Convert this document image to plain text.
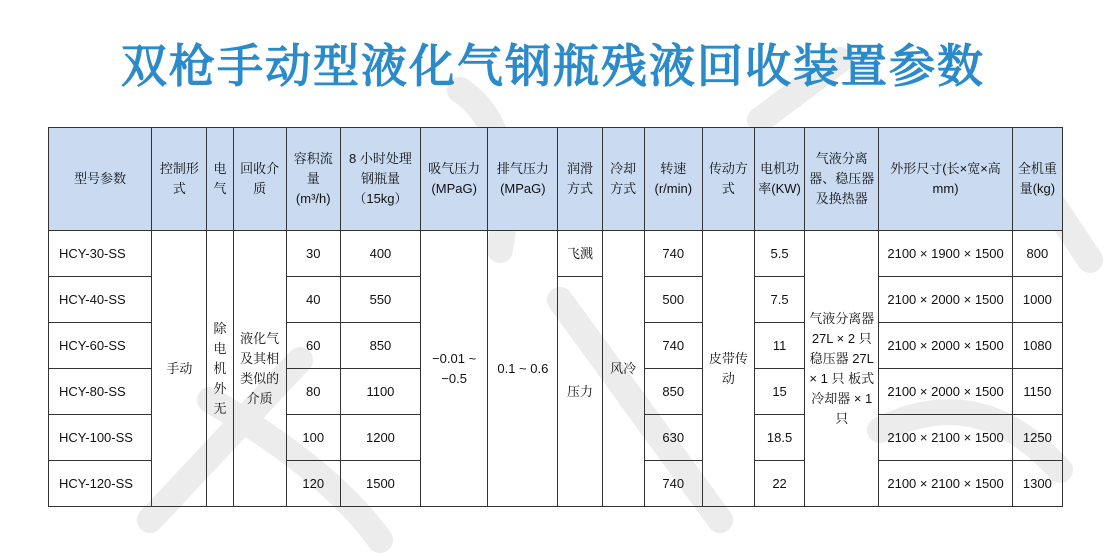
双枪手动型液化气钢瓶残液回收装置参数
型号参数	控制形式	电气	回收介质	容积流量(m³/h)	8 小时处理钢瓶量（15kg）	吸气压力(MPaG)	排气压力(MPaG)	润滑方式	冷却方式	转速(r/min)	传动方式	电机功率(KW)	气液分离器、稳压器及换热器	外形尺寸(长×宽×高 mm)	全机重量(kg)
HCY-30-SS	手动	除电机外无	液化气及其相类似的介质	30	400	−0.01 ~ −0.5	0.1 ~ 0.6	飞溅	风冷	740	皮带传动	5.5	气液分离器 27L × 2 只 稳压器 27L × 1 只 板式冷却器 × 1 只	2100 × 1900 × 1500	800
HCY-40-SS				40	550			压力		500		7.5		2100 × 2000 × 1500	1000
HCY-60-SS				60	850					740		11		2100 × 2000 × 1500	1080
HCY-80-SS				80	1100					850		15		2100 × 2000 × 1500	1150
HCY-100-SS				100	1200					630		18.5		2100 × 2100 × 1500	1250
HCY-120-SS				120	1500					740		22		2100 × 2100 × 1500	1300
